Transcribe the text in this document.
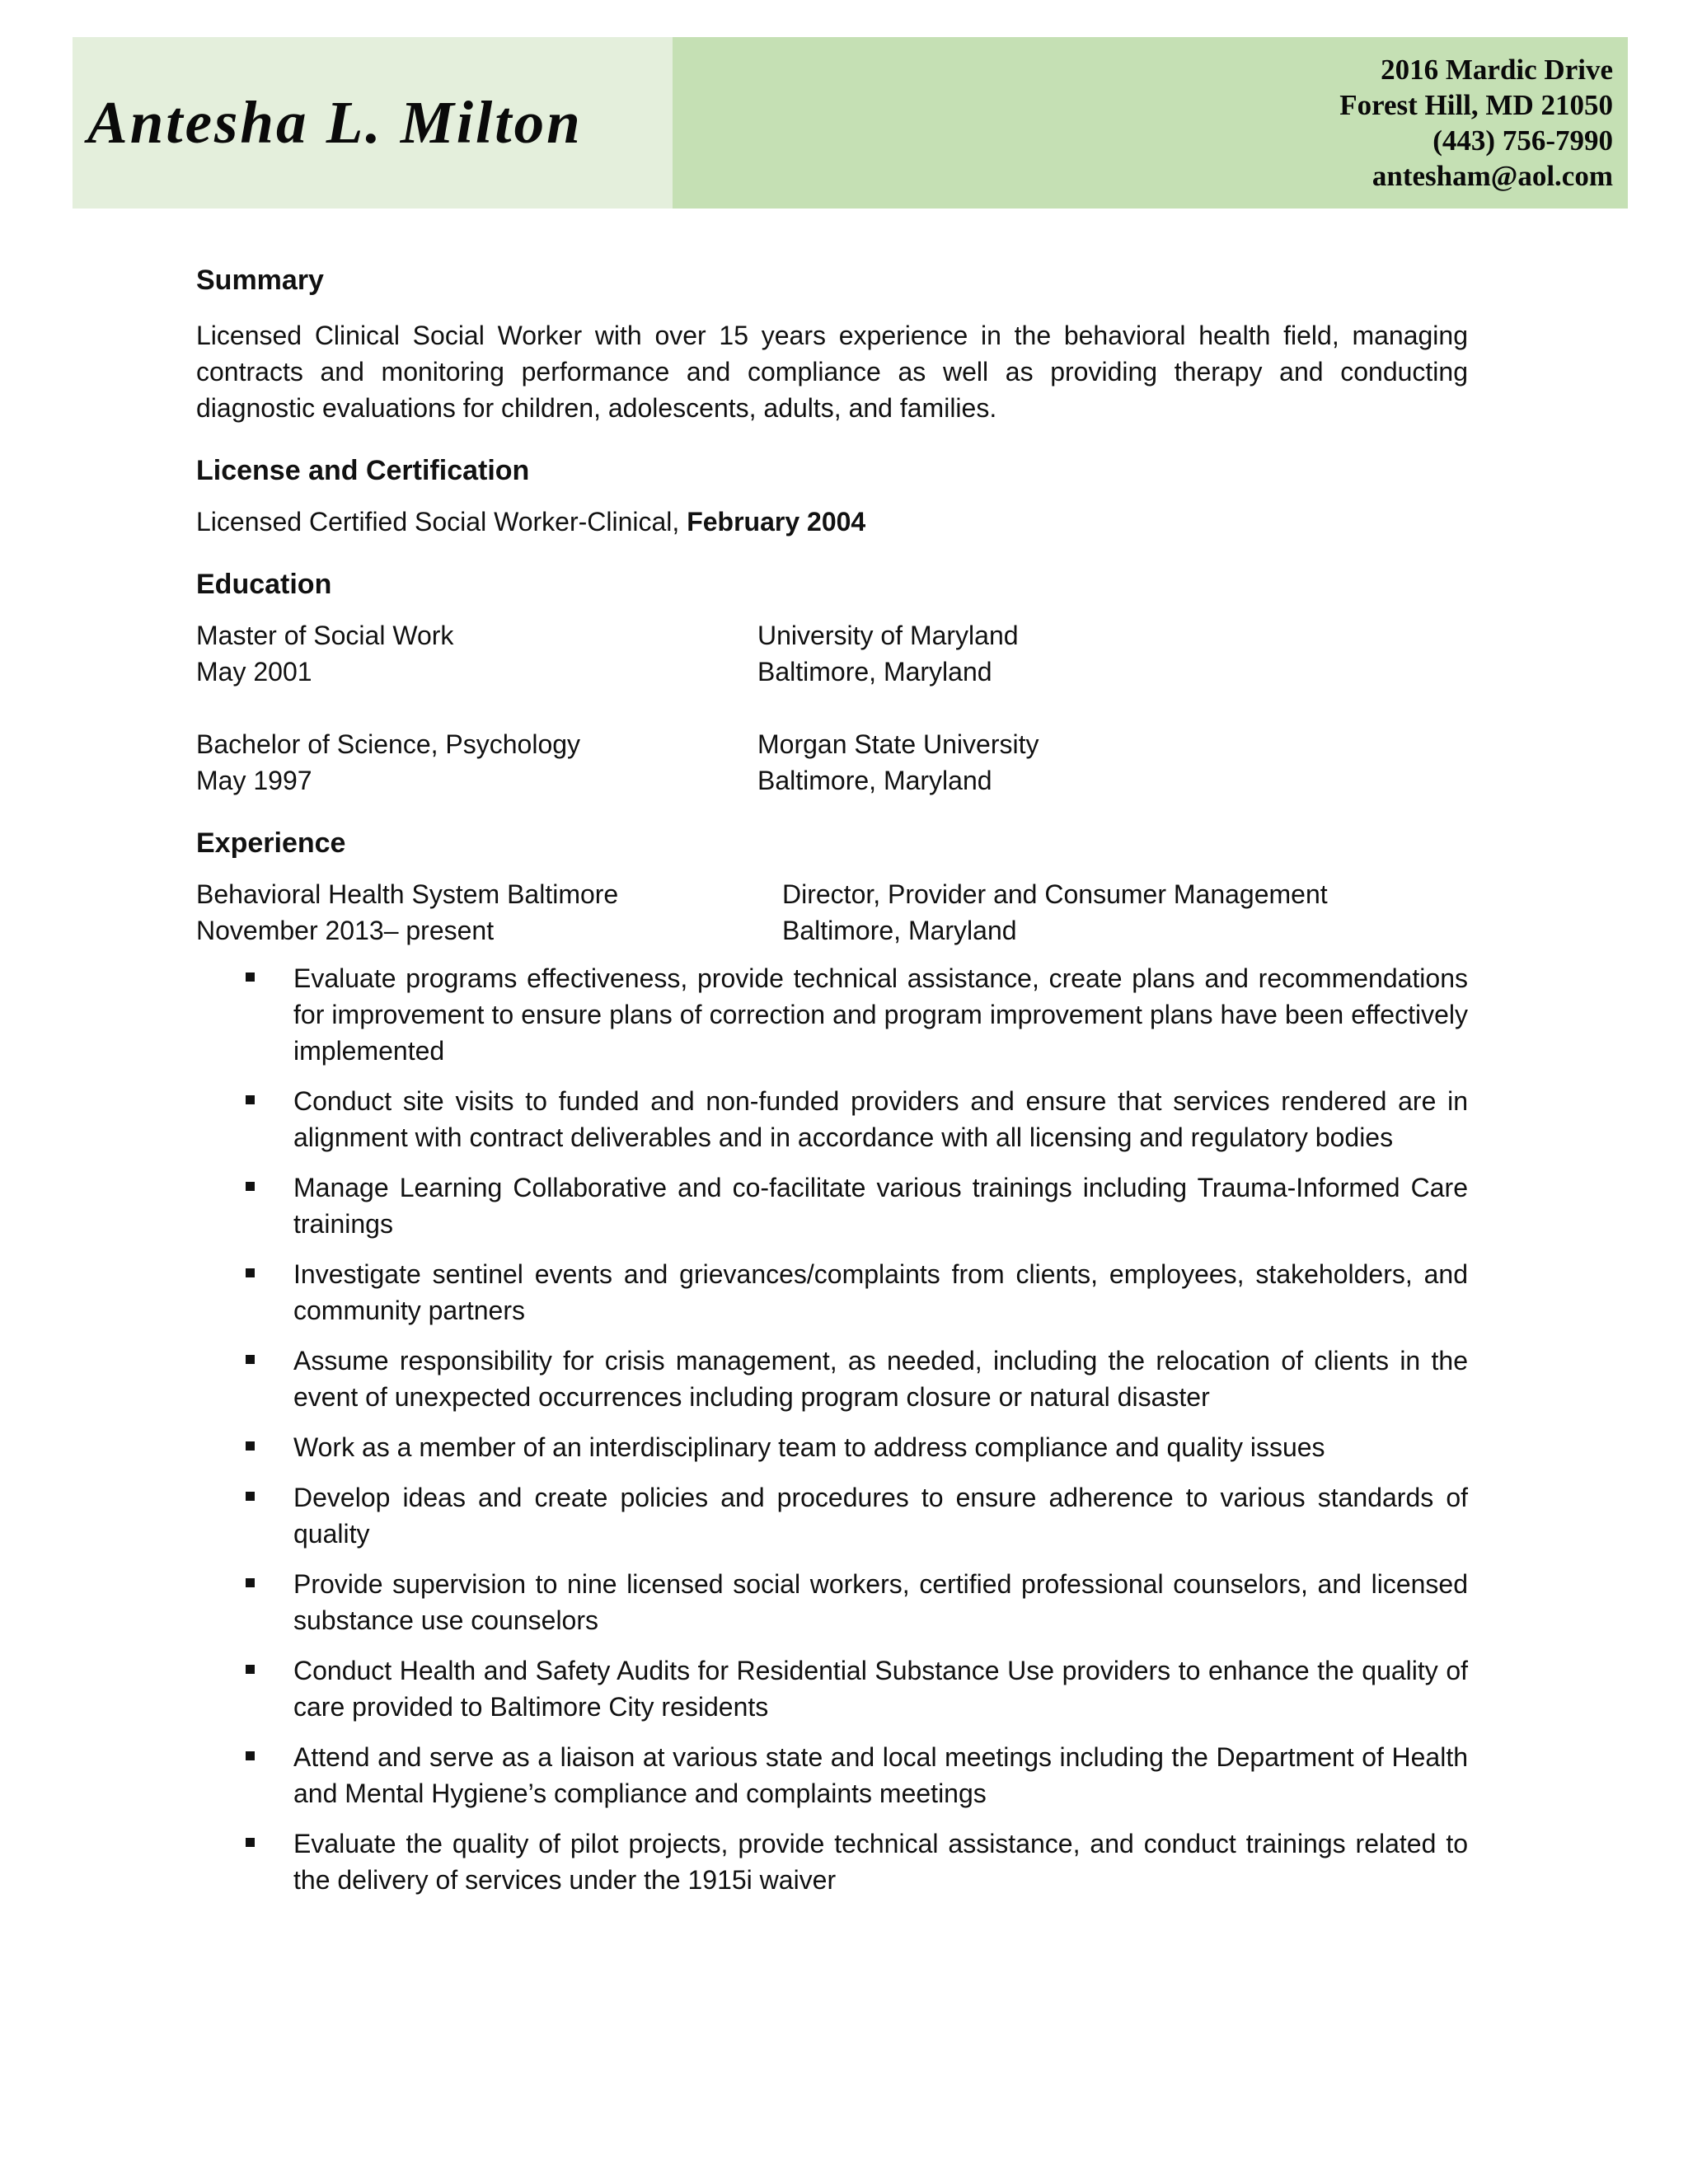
Antesha L. Milton
2016 Mardic Drive
Forest Hill, MD 21050
(443) 756-7990
antesham@aol.com
Summary

Licensed Clinical Social Worker with over 15 years experience in the behavioral health field, managing contracts and monitoring performance and compliance as well as providing therapy and conducting diagnostic evaluations for children, adolescents, adults, and families.

License and Certification

Licensed Certified Social Worker-Clinical, February 2004

Education
Master of Social Work	University of Maryland
May 2001	Baltimore, Maryland
Bachelor of Science, Psychology	Morgan State University
May 1997	Baltimore, Maryland
Experience
Behavioral Health System Baltimore	Director, Provider and Consumer Management
November 2013– present	Baltimore, Maryland
Evaluate programs effectiveness, provide technical assistance, create plans and recommendations for improvement to ensure plans of correction and program improvement plans have been effectively implemented
Conduct site visits to funded and non-funded providers and ensure that services rendered are in alignment with contract deliverables and in accordance with all licensing and regulatory bodies
Manage Learning Collaborative and co-facilitate various trainings including Trauma-Informed Care trainings
Investigate sentinel events and grievances/complaints from clients, employees, stakeholders, and community partners
Assume responsibility for crisis management, as needed, including the relocation of clients in the event of unexpected occurrences including program closure or natural disaster
Work as a member of an interdisciplinary team to address compliance and quality issues
Develop ideas and create policies and procedures to ensure adherence to various standards of quality
Provide supervision to nine licensed social workers, certified professional counselors, and licensed substance use counselors
Conduct Health and Safety Audits for Residential Substance Use providers to enhance the quality of care provided to Baltimore City residents
Attend and serve as a liaison at various state and local meetings including the Department of Health and Mental Hygiene’s compliance and complaints meetings
Evaluate the quality of pilot projects, provide technical assistance, and conduct trainings related to the delivery of services under the 1915i waiver
